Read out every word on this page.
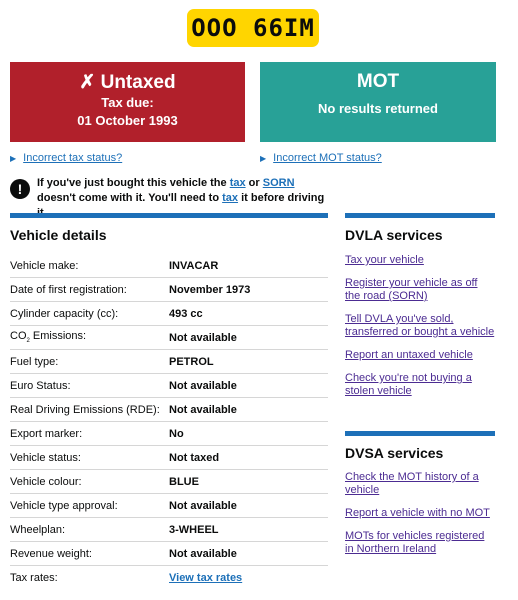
OOO 66IM
✗ Untaxed
Tax due:
01 October 1993
MOT
No results returned
▶ Incorrect tax status?	▶ Incorrect MOT status?
!	If you've just bought this vehicle the tax or SORN doesn't come with it. You'll need to tax it before driving
Vehicle details	DVLA services
DVSA services
Vehicle make:	INVACAR
Date of first registration:	November 1973
Cylinder capacity (cc):	493 cc
$CO_2$ Emissions:	Not available
Fuel type:	PETROL
Euro Status:	Not available
Real Driving Emissions (RDE): Not available
Export marker:	No
Vehicle status:	Not taxed
Vehicle colour:	BLUE
Vehicle type approval:	Not available
Wheelplan:	3-WHEEL
Revenue weight:	Not available
Tax rates:	View tax rates
Tax your vehicle
Register your vehicle as off the road (SORN)
Tell DVLA you've sold, transferred or bought a vehicle
Report an untaxed vehicle
Check you're not buying a stolen vehicle
Check the MOT history of a vehicle
Report a vehicle with no MOT
MOTs for vehicles registered in Northern Ireland
